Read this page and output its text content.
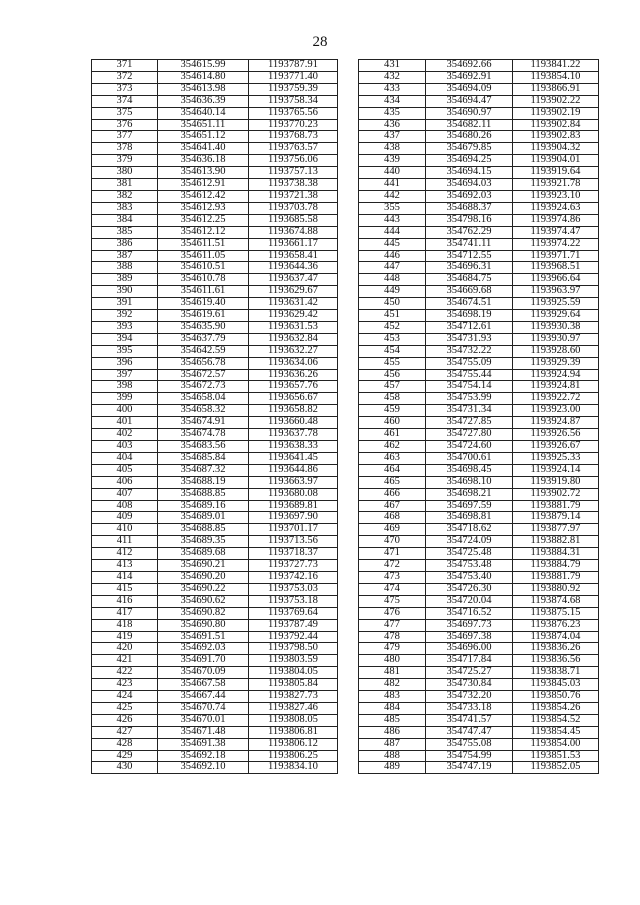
28
371	354615.99	1193787.91
372	354614.80	1193771.40
373	354613.98	1193759.39
374	354636.39	1193758.34
375	354640.14	1193765.56
376	354651.11	1193770.23
377	354651.12	1193768.73
378	354641.40	1193763.57
379	354636.18	1193756.06
380	354613.90	1193757.13
381	354612.91	1193738.38
382	354612.42	1193721.38
383	354612.93	1193703.78
384	354612.25	1193685.58
385	354612.12	1193674.88
386	354611.51	1193661.17
387	354611.05	1193658.41
388	354610.51	1193644.36
389	354610.78	1193637.47
390	354611.61	1193629.67
391	354619.40	1193631.42
392	354619.61	1193629.42
393	354635.90	1193631.53
394	354637.79	1193632.84
395	354642.59	1193632.27
396	354656.78	1193634.06
397	354672.57	1193636.26
398	354672.73	1193657.76
399	354658.04	1193656.67
400	354658.32	1193658.82
401	354674.91	1193660.48
402	354674.78	1193637.78
403	354683.56	1193638.33
404	354685.84	1193641.45
405	354687.32	1193644.86
406	354688.19	1193663.97
407	354688.85	1193680.08
408	354689.16	1193689.81
409	354689.01	1193697.90
410	354688.85	1193701.17
411	354689.35	1193713.56
412	354689.68	1193718.37
413	354690.21	1193727.73
414	354690.20	1193742.16
415	354690.22	1193753.03
416	354690.62	1193753.18
417	354690.82	1193769.64
418	354690.80	1193787.49
419	354691.51	1193792.44
420	354692.03	1193798.50
421	354691.70	1193803.59
422	354670.09	1193804.05
423	354667.58	1193805.84
424	354667.44	1193827.73
425	354670.74	1193827.46
426	354670.01	1193808.05
427	354671.48	1193806.81
428	354691.38	1193806.12
429	354692.18	1193806.25
430	354692.10	1193834.10
431	354692.66	1193841.22
432	354692.91	1193854.10
433	354694.09	1193866.91
434	354694.47	1193902.22
435	354690.97	1193902.19
436	354682.11	1193902.84
437	354680.26	1193902.83
438	354679.85	1193904.32
439	354694.25	1193904.01
440	354694.15	1193919.64
441	354694.03	1193921.78
442	354692.03	1193923.10
355	354688.37	1193924.63
443	354798.16	1193974.86
444	354762.29	1193974.47
445	354741.11	1193974.22
446	354712.55	1193971.71
447	354696.31	1193968.51
448	354684.75	1193966.64
449	354669.68	1193963.97
450	354674.51	1193925.59
451	354698.19	1193929.64
452	354712.61	1193930.38
453	354731.93	1193930.97
454	354732.22	1193928.60
455	354755.09	1193929.39
456	354755.44	1193924.94
457	354754.14	1193924.81
458	354753.99	1193922.72
459	354731.34	1193923.00
460	354727.85	1193924.87
461	354727.80	1193926.56
462	354724.60	1193926.67
463	354700.61	1193925.33
464	354698.45	1193924.14
465	354698.10	1193919.80
466	354698.21	1193902.72
467	354697.59	1193881.79
468	354698.81	1193879.14
469	354718.62	1193877.97
470	354724.09	1193882.81
471	354725.48	1193884.31
472	354753.48	1193884.79
473	354753.40	1193881.79
474	354726.30	1193880.92
475	354720.04	1193874.68
476	354716.52	1193875.15
477	354697.73	1193876.23
478	354697.38	1193874.04
479	354696.00	1193836.26
480	354717.84	1193836.56
481	354725.27	1193838.71
482	354730.84	1193845.03
483	354732.20	1193850.76
484	354733.18	1193854.26
485	354741.57	1193854.52
486	354747.47	1193854.45
487	354755.08	1193854.00
488	354754.99	1193851.53
489	354747.19	1193852.05
